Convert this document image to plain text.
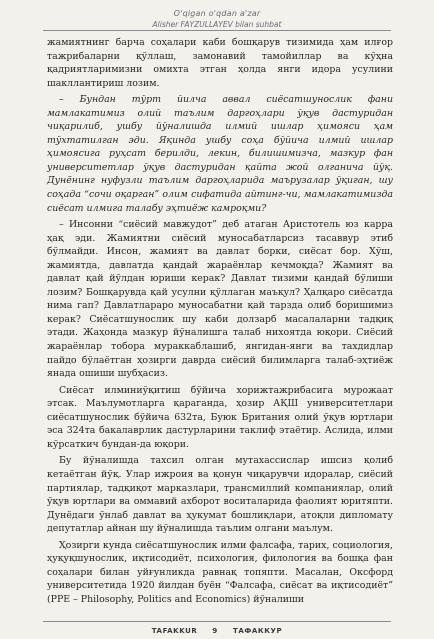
O'qigan o'qdan a'zar
Alisher FAYZULLAYEV bilan suhbat

жамиятнинг барча соҳалари каби бошқарув тизимида ҳам илғор тажрибаларни қўллаш, замонавий тамойиллар ва кўҳна қадриятларимизни омихта этган ҳолда янги идора усулини шакллантириш лозим.

– Бундан тўрт йилча аввал сиёсатшунослик фани мамлакатимиз олий таълим даргоҳлари ўқув дастуридан чиқарилиб, ушбу йўналишда илмий ишлар ҳимояси ҳам тўхтатилган эди. Яқинда ушбу соҳа бўйича илмий ишлар ҳимоясига руҳсат берилди, лекин, билишимизча, мазкур фан университетлар ўқув дастуридан қайта жой олганича йўқ. Дунёнинг нуфузли таълим даргоҳларида маърузалар ўқиган, шу соҳада “сочи оқарган” олим сифатида айтинг-чи, мамлакатимизда сиёсат илмига талабу эҳтиёж камроқми?

– Инсонни “сиёсий мавжудот” деб атаган Аристотель юз карра ҳақ эди. Жамиятни сиёсий муносабатларсиз тасаввур этиб бўлмайди. Инсон, жамият ва давлат борки, сиёсат бор. Хўш, жамиятда, давлатда қандай жараёнлар кечмоқда? Жамият ва давлат қай йўлдан юриши керак? Давлат тизими қандай бўлиши лозим? Бошқарувда қай усулни қўллаган маъқул? Ҳалқаро сиёсатда нима гап? Давлатлараро муносабатни қай тарзда олиб боришимиз керак? Сиёсатшунослик шу каби долзарб масалаларни тадқиқ этади. Жаҳонда мазкур йўналишга талаб нихоятда юқори. Сиёсий жараёнлар тобора мураккаблашиб, янгидан-янги ва тахдидлар пайдо бўлаётган ҳозирги даврда сиёсий билимларга талаб-эҳтиёж янада ошиши шубҳасиз.

Сиёсат илминиўқитиш бўйича хорижтажрибасига мурожаат этсак. Маълумотларга қараганда, ҳозир АҚШ университетлари сиёсатшунослик бўйича 632та, Буюк Британия олий ўқув юртлари эса 324та бакалаврлик дастурларини таклиф этаётир. Аслида, илми кўрсаткич бундан-да юқори.

Бу йўналишда тахсил олган мутахассислар ишсиз қолиб кетаётган йўқ. Улар ижроия ва қонун чиқарувчи идоралар, сиёсий партиялар, тадқиқот марказлари, трансмиллий компаниялар, олий ўқув юртлари ва оммавий ахборот воситаларида фаолият юритяпти. Дунёдаги ўнлаб давлат ва ҳукумат бошлиқлари, атоқли дипломату депутатлар айнан шу йўналишда таълим олгани маълум.

Ҳозирги кунда сиёсатшунослик илми фалсафа, тарих, социология, ҳуқуқшунослик, иқтисодиёт, психология, филология ва бошқа фан соҳалари билан уйғунликда равнақ топяпти. Масалан, Оксфорд университетида 1920 йилдан буён “Фалсафа, сиёсат ва иқтисодиёт” (PPE – Philosophy, Politics and Economics) йўналиши

TAFAKKUR 9 ТАФАККУР
